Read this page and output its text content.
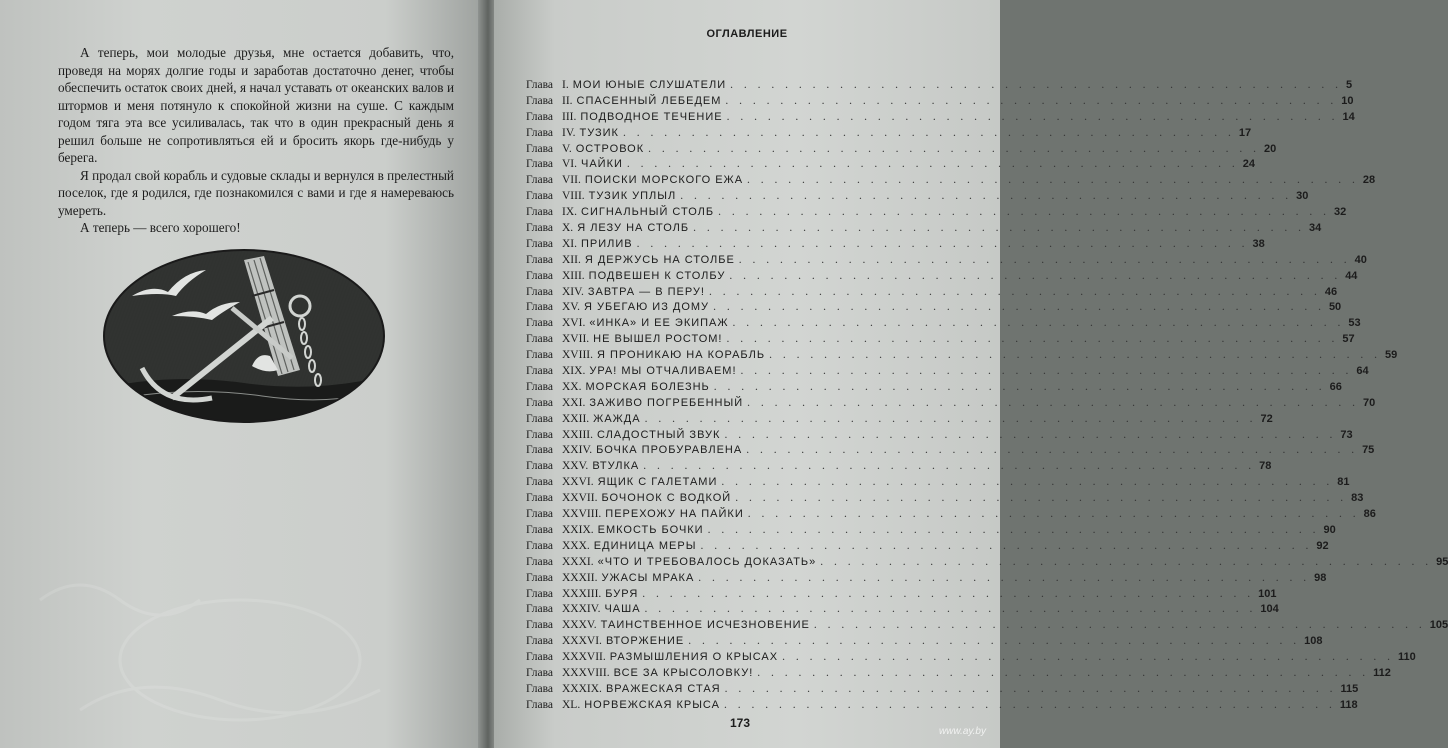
А теперь, мои молодые друзья, мне остается добавить, что, проведя на морях долгие годы и заработав достаточно денег, чтобы обеспечить остаток своих дней, я начал уставать от океанских валов и штормов и меня потянуло к спокойной жизни на суше. С каждым годом тяга эта все усиливалась, так что в один прекрасный день я решил больше не сопротивляться ей и бросить якорь где-нибудь у берега.

Я продал свой корабль и судовые склады и вернулся в прелестный поселок, где я родился, где познакомился с вами и где я намереваюсь умереть.

А теперь — всего хорошего!

ОГЛАВЛЕНИЕ
Глава I. МОИ ЮНЫЕ СЛУШАТЕЛИ . . . . . . . . . . . . . . . . . . . . . . . . . . . . . . . . . . . . . . . . . . . . . 5
Глава II. СПАСЕННЫЙ ЛЕБЕДЕМ . . . . . . . . . . . . . . . . . . . . . . . . . . . . . . . . . . . . . . . . . . . . . 10
Глава III. ПОДВОДНОЕ ТЕЧЕНИЕ . . . . . . . . . . . . . . . . . . . . . . . . . . . . . . . . . . . . . . . . . . . . . 14
Глава IV. ТУЗИК . . . . . . . . . . . . . . . . . . . . . . . . . . . . . . . . . . . . . . . . . . . . . 17
Глава V. ОСТРОВОК . . . . . . . . . . . . . . . . . . . . . . . . . . . . . . . . . . . . . . . . . . . . . 20
Глава VI. ЧАЙКИ . . . . . . . . . . . . . . . . . . . . . . . . . . . . . . . . . . . . . . . . . . . . . 24
Глава VII. ПОИСКИ МОРСКОГО ЕЖА . . . . . . . . . . . . . . . . . . . . . . . . . . . . . . . . . . . . . . . . . . . . . 28
Глава VIII. ТУЗИК УПЛЫЛ . . . . . . . . . . . . . . . . . . . . . . . . . . . . . . . . . . . . . . . . . . . . . 30
Глава IX. СИГНАЛЬНЫЙ СТОЛБ . . . . . . . . . . . . . . . . . . . . . . . . . . . . . . . . . . . . . . . . . . . . . 32
Глава X. Я ЛЕЗУ НА СТОЛБ . . . . . . . . . . . . . . . . . . . . . . . . . . . . . . . . . . . . . . . . . . . . . 34
Глава XI. ПРИЛИВ . . . . . . . . . . . . . . . . . . . . . . . . . . . . . . . . . . . . . . . . . . . . . 38
Глава XII. Я ДЕРЖУСЬ НА СТОЛБЕ . . . . . . . . . . . . . . . . . . . . . . . . . . . . . . . . . . . . . . . . . . . . . 40
Глава XIII. ПОДВЕШЕН К СТОЛБУ . . . . . . . . . . . . . . . . . . . . . . . . . . . . . . . . . . . . . . . . . . . . . 44
Глава XIV. ЗАВТРА — В ПЕРУ! . . . . . . . . . . . . . . . . . . . . . . . . . . . . . . . . . . . . . . . . . . . . . 46
Глава XV. Я УБЕГАЮ ИЗ ДОМУ . . . . . . . . . . . . . . . . . . . . . . . . . . . . . . . . . . . . . . . . . . . . . 50
Глава XVI. «ИНКА» И ЕЕ ЭКИПАЖ . . . . . . . . . . . . . . . . . . . . . . . . . . . . . . . . . . . . . . . . . . . . . 53
Глава XVII. НЕ ВЫШЕЛ РОСТОМ! . . . . . . . . . . . . . . . . . . . . . . . . . . . . . . . . . . . . . . . . . . . . . 57
Глава XVIII. Я ПРОНИКАЮ НА КОРАБЛЬ . . . . . . . . . . . . . . . . . . . . . . . . . . . . . . . . . . . . . . . . . . . . . 59
Глава XIX. УРА! МЫ ОТЧАЛИВАЕМ! . . . . . . . . . . . . . . . . . . . . . . . . . . . . . . . . . . . . . . . . . . . . . 64
Глава XX. МОРСКАЯ БОЛЕЗНЬ . . . . . . . . . . . . . . . . . . . . . . . . . . . . . . . . . . . . . . . . . . . . . 66
Глава XXI. ЗАЖИВО ПОГРЕБЕННЫЙ . . . . . . . . . . . . . . . . . . . . . . . . . . . . . . . . . . . . . . . . . . . . . 70
Глава XXII. ЖАЖДА . . . . . . . . . . . . . . . . . . . . . . . . . . . . . . . . . . . . . . . . . . . . . 72
Глава XXIII. СЛАДОСТНЫЙ ЗВУК . . . . . . . . . . . . . . . . . . . . . . . . . . . . . . . . . . . . . . . . . . . . . 73
Глава XXIV. БОЧКА ПРОБУРАВЛЕНА . . . . . . . . . . . . . . . . . . . . . . . . . . . . . . . . . . . . . . . . . . . . . 75
Глава XXV. ВТУЛКА . . . . . . . . . . . . . . . . . . . . . . . . . . . . . . . . . . . . . . . . . . . . . 78
Глава XXVI. ЯЩИК С ГАЛЕТАМИ . . . . . . . . . . . . . . . . . . . . . . . . . . . . . . . . . . . . . . . . . . . . . 81
Глава XXVII. БОЧОНОК С ВОДКОЙ . . . . . . . . . . . . . . . . . . . . . . . . . . . . . . . . . . . . . . . . . . . . . 83
Глава XXVIII. ПЕРЕХОЖУ НА ПАЙКИ . . . . . . . . . . . . . . . . . . . . . . . . . . . . . . . . . . . . . . . . . . . . . 86
Глава XXIX. ЕМКОСТЬ БОЧКИ . . . . . . . . . . . . . . . . . . . . . . . . . . . . . . . . . . . . . . . . . . . . . 90
Глава XXX. ЕДИНИЦА МЕРЫ . . . . . . . . . . . . . . . . . . . . . . . . . . . . . . . . . . . . . . . . . . . . . 92
Глава XXXI. «ЧТО И ТРЕБОВАЛОСЬ ДОКАЗАТЬ» . . . . . . . . . . . . . . . . . . . . . . . . . . . . . . . . . . . . . . . . . . . . . 95
Глава XXXII. УЖАСЫ МРАКА . . . . . . . . . . . . . . . . . . . . . . . . . . . . . . . . . . . . . . . . . . . . . 98
Глава XXXIII. БУРЯ . . . . . . . . . . . . . . . . . . . . . . . . . . . . . . . . . . . . . . . . . . . . . 101
Глава XXXIV. ЧАША . . . . . . . . . . . . . . . . . . . . . . . . . . . . . . . . . . . . . . . . . . . . . 104
Глава XXXV. ТАИНСТВЕННОЕ ИСЧЕЗНОВЕНИЕ . . . . . . . . . . . . . . . . . . . . . . . . . . . . . . . . . . . . . . . . . . . . . 105
Глава XXXVI. ВТОРЖЕНИЕ . . . . . . . . . . . . . . . . . . . . . . . . . . . . . . . . . . . . . . . . . . . . . 108
Глава XXXVII. РАЗМЫШЛЕНИЯ О КРЫСАХ . . . . . . . . . . . . . . . . . . . . . . . . . . . . . . . . . . . . . . . . . . . . . 110
Глава XXXVIII. ВСЕ ЗА КРЫСОЛОВКУ! . . . . . . . . . . . . . . . . . . . . . . . . . . . . . . . . . . . . . . . . . . . . . 112
Глава XXXIX. ВРАЖЕСКАЯ СТАЯ . . . . . . . . . . . . . . . . . . . . . . . . . . . . . . . . . . . . . . . . . . . . . 115
Глава XL. НОРВЕЖСКАЯ КРЫСА . . . . . . . . . . . . . . . . . . . . . . . . . . . . . . . . . . . . . . . . . . . . . 118
173
www.ay.by
